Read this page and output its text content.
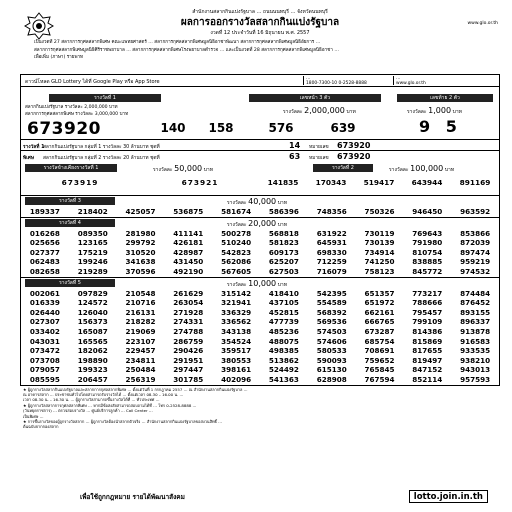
สำนักงานสลากกินแบ่งรัฐบาล … ถนนนนทบุรี … จังหวัดนนทบุรี
www.glo.or.th
ผลการออกรางวัลสลากกินแบ่งรัฐบาล
งวดที่ 12 ประจำวันที่ 16 มิถุนายน พ.ศ. 2557
เป็นงวดที่ 27 สลากการกุศลสลากพิเศษ คณะแพทยศาสตร์ … สลากการกุศลสลากพิเศษมูลนิธิอาชาพัฒนา สลากการกุศลสลากพิเศษมูลนิธิอัยการ …
สลากการกุศลสลากพิเศษมูลนิธิศิริราชพยาบาล … สลากการกุศลสลากพิเศษโรงพยาบาลตำรวจ … และเป็นงวดที่ 28 สลากการกุศลสลากพิเศษมูลนิธิอาชา …
เพื่อเพิ่ม (ภาษา) รายพาท
ดาวน์โหลด GLO Lottery ได้ที่ Google Play หรือ App Store
…
1800-7300-10 0-2528-8888
…
www.glo.or.th
รางวัลที่ 1
สลากกินแบ่งรัฐบาล รางวัลละ 2,000,000 บาท
สลากการกุศลสลากพิเศษ รางวัลละ 3,000,000 บาท
673920
เลขหน้า 3 ตัว
รางวัลละ 2,000,000 บาท
140	158	576	639
เลขท้าย 2 ตัว
รางวัลละ 1,000 บาท
9 5
รางวัลที่ 1
สลากกินแบ่งรัฐบาล กลุ่มที่ 1 รางวัลละ 30 ล้านบาท ชุดที่	14 หมายเลข 673920
พิเศษ สลากกินแบ่งรัฐบาล กลุ่มที่ 2 รางวัลละ 20 ล้านบาท ชุดที่	63 หมายเลข 673920
รางวัลข้างเคียงรางวัลที่ 1	รางวัลละ 50,000 บาท	รางวัลที่ 2	รางวัลละ 100,000 บาท
673919	673921	141835	170343	519417	643944	891169
รางวัลที่ 3	รางวัลละ 40,000 บาท
189337	218402	425057	536875	581674	586396	748356	750326	946450	963592
รางวัลที่ 4	รางวัลละ 20,000 บาท
016268	089350	281980	411141	500278	568818	631922	730119	769643	853866
025656	123165	299792	426181	510240	581823	645931	730139	791980	872039
027377	175219	310520	428987	542823	609173	698330	734914	810754	897474
062483	199246	341638	431450	562086	625207	712259	741250	838885	959219
082658	219289	370596	492190	567605	627503	716079	758123	845772	974532
รางวัลที่ 5	รางวัลละ 10,000 บาท
002061	097829	210548	261629	315142	418410	542395	651357	773217	874484
016339	124572	210716	263054	321941	437105	554589	651972	788666	876452
026440	126040	216131	271928	336329	452815	568392	662161	795457	893155
027307	156373	218282	274331	336562	477739	569536	666765	799109	896337
033402	165087	219069	274788	343138	485236	574503	673287	814386	913878
043031	165565	223107	286759	354524	488075	574606	685754	815869	916583
073472	182062	229457	290426	359517	498385	580533	708691	817655	933535
073708	198890	234811	291951	380553	513862	590093	759652	819497	938210
079057	199323	250484	297447	398161	524492	615130	765845	847152	943013
085595	206457	256319	301785	402096	541363	628908	767594	852114	957593

★ ผู้ถูกรางวัลสลากกินแบ่งรัฐบาลและสลากการกุศลสลากพิเศษ … ตั้งแต่วันที่ 1 กรกฎาคม 2557 … ณ สำนักงานสลากกินแบ่งรัฐบาล …

ณ อาคารสลาก … ประชาชนทั่วไปโดยสามารถรับรางวัลได้ … ตั้งแต่เวลา 08.30 – 16.00 น. …

เวลา 08.30 น. – 16.30 น. … ผู้ถูกรางวัลสามารถขึ้นรางวัลได้ที่ … ทั่วประเทศ …

★ ผู้ถูกรางวัลสลากการกุศลสลากพิเศษ … หากมีข้อสงสัยสามารถสอบถามได้ที่ … โทร 0-2528-8888 …

(วันหยุดราชการ) … ตรวจสอบรางวัล … ศูนย์บริการลูกค้า … Call Center …

เป็นพิเศษ …

★ การขึ้นรางวัลของผู้ถูกรางวัลสลาก … ผู้ถูกรางวัลต้องนำสลากตัวจริง … สำนักงานสลากกินแบ่งรัฐบาลขอสงวนสิทธิ์ …

ต้นฉบับจากกองสลาก

เพื่อใช้ถูกกฎหมาย รายได้พัฒนาสังคม	lotto.join.in.th
